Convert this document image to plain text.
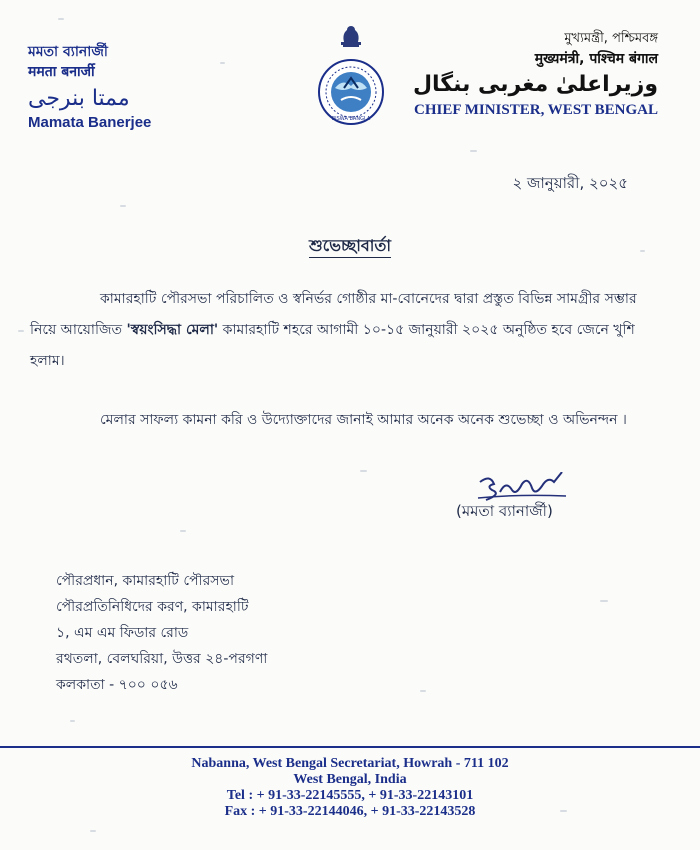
মমতা ব্যানার্জী
ममता बनार्जी
ممتا بنرجی
Mamata Banerjee	BISWA BANGLA
মুখ্যমন্ত্রী, পশ্চিমবঙ্গ
मुख्यमंत्री, पश्चिम बंगाल
وزیراعلیٰ مغربی بنگال
CHIEF MINISTER, WEST BENGAL
২ জানুয়ারী, ২০২৫
শুভেচ্ছাবার্তা
কামারহাটি পৌরসভা পরিচালিত ও স্বনির্ভর গোষ্ঠীর মা-বোনেদের দ্বারা প্রস্তুত বিভিন্ন সামগ্রীর সম্ভার নিয়ে আয়োজিত 'স্বয়ংসিদ্ধা মেলা' কামারহাটি শহরে আগামী ১০-১৫ জানুয়ারী ২০২৫ অনুষ্ঠিত হবে জেনে খুশি হলাম।
মেলার সাফল্য কামনা করি ও উদ্যোক্তাদের জানাই আমার অনেক অনেক শুভেচ্ছা ও অভিনন্দন ।
(মমতা ব্যানার্জী)
পৌরপ্রধান, কামারহাটি পৌরসভা
পৌরপ্রতিনিধিদের করণ, কামারহাটি
১, এম এম ফিডার রোড
রথতলা, বেলঘরিয়া, উত্তর ২৪-পরগণা
কলকাতা - ৭০০ ০৫৬
Nabanna, West Bengal Secretariat, Howrah - 711 102
West Bengal, India
Tel : + 91-33-22145555, + 91-33-22143101
Fax : + 91-33-22144046, + 91-33-22143528
